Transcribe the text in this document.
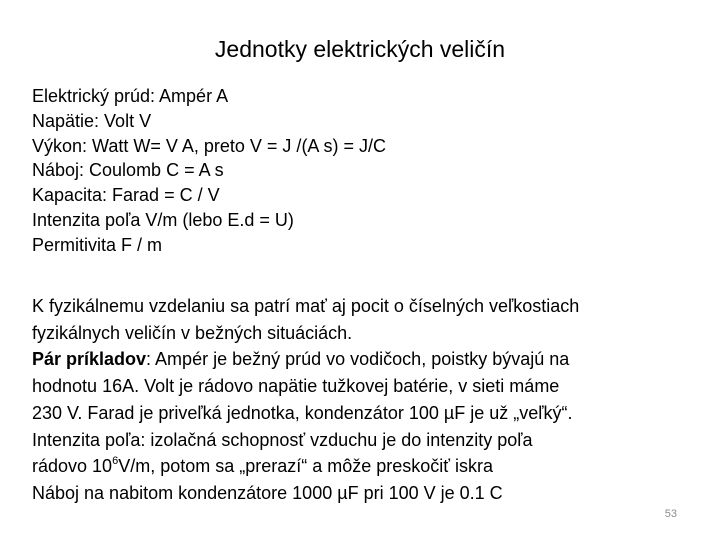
Jednotky elektrických veličín
Elektrický prúd: Ampér A
Napätie: Volt V
Výkon: Watt W= V A, preto V = J /(A s) = J/C
Náboj: Coulomb C = A s
Kapacita: Farad = C / V
Intenzita poľa V/m (lebo E.d = U)
Permitivita F / m
K fyzikálnemu vzdelaniu sa patrí mať aj pocit o číselných veľkostiach
fyzikálnych veličín v bežných situáciách.
Pár príkladov: Ampér je bežný prúd vo vodičoch, poistky bývajú na
hodnotu 16A. Volt je rádovo napätie tužkovej batérie, v sieti máme
230 V. Farad je priveľká jednotka, kondenzátor 100 µF je už „veľký“.
Intenzita poľa: izolačná schopnosť vzduchu je do intenzity poľa
rádovo $10^6V/m$, potom sa „prerazí“ a môže preskočiť iskra
Náboj na nabitom kondenzátore 1000 µF pri 100 V je 0.1 C
53
